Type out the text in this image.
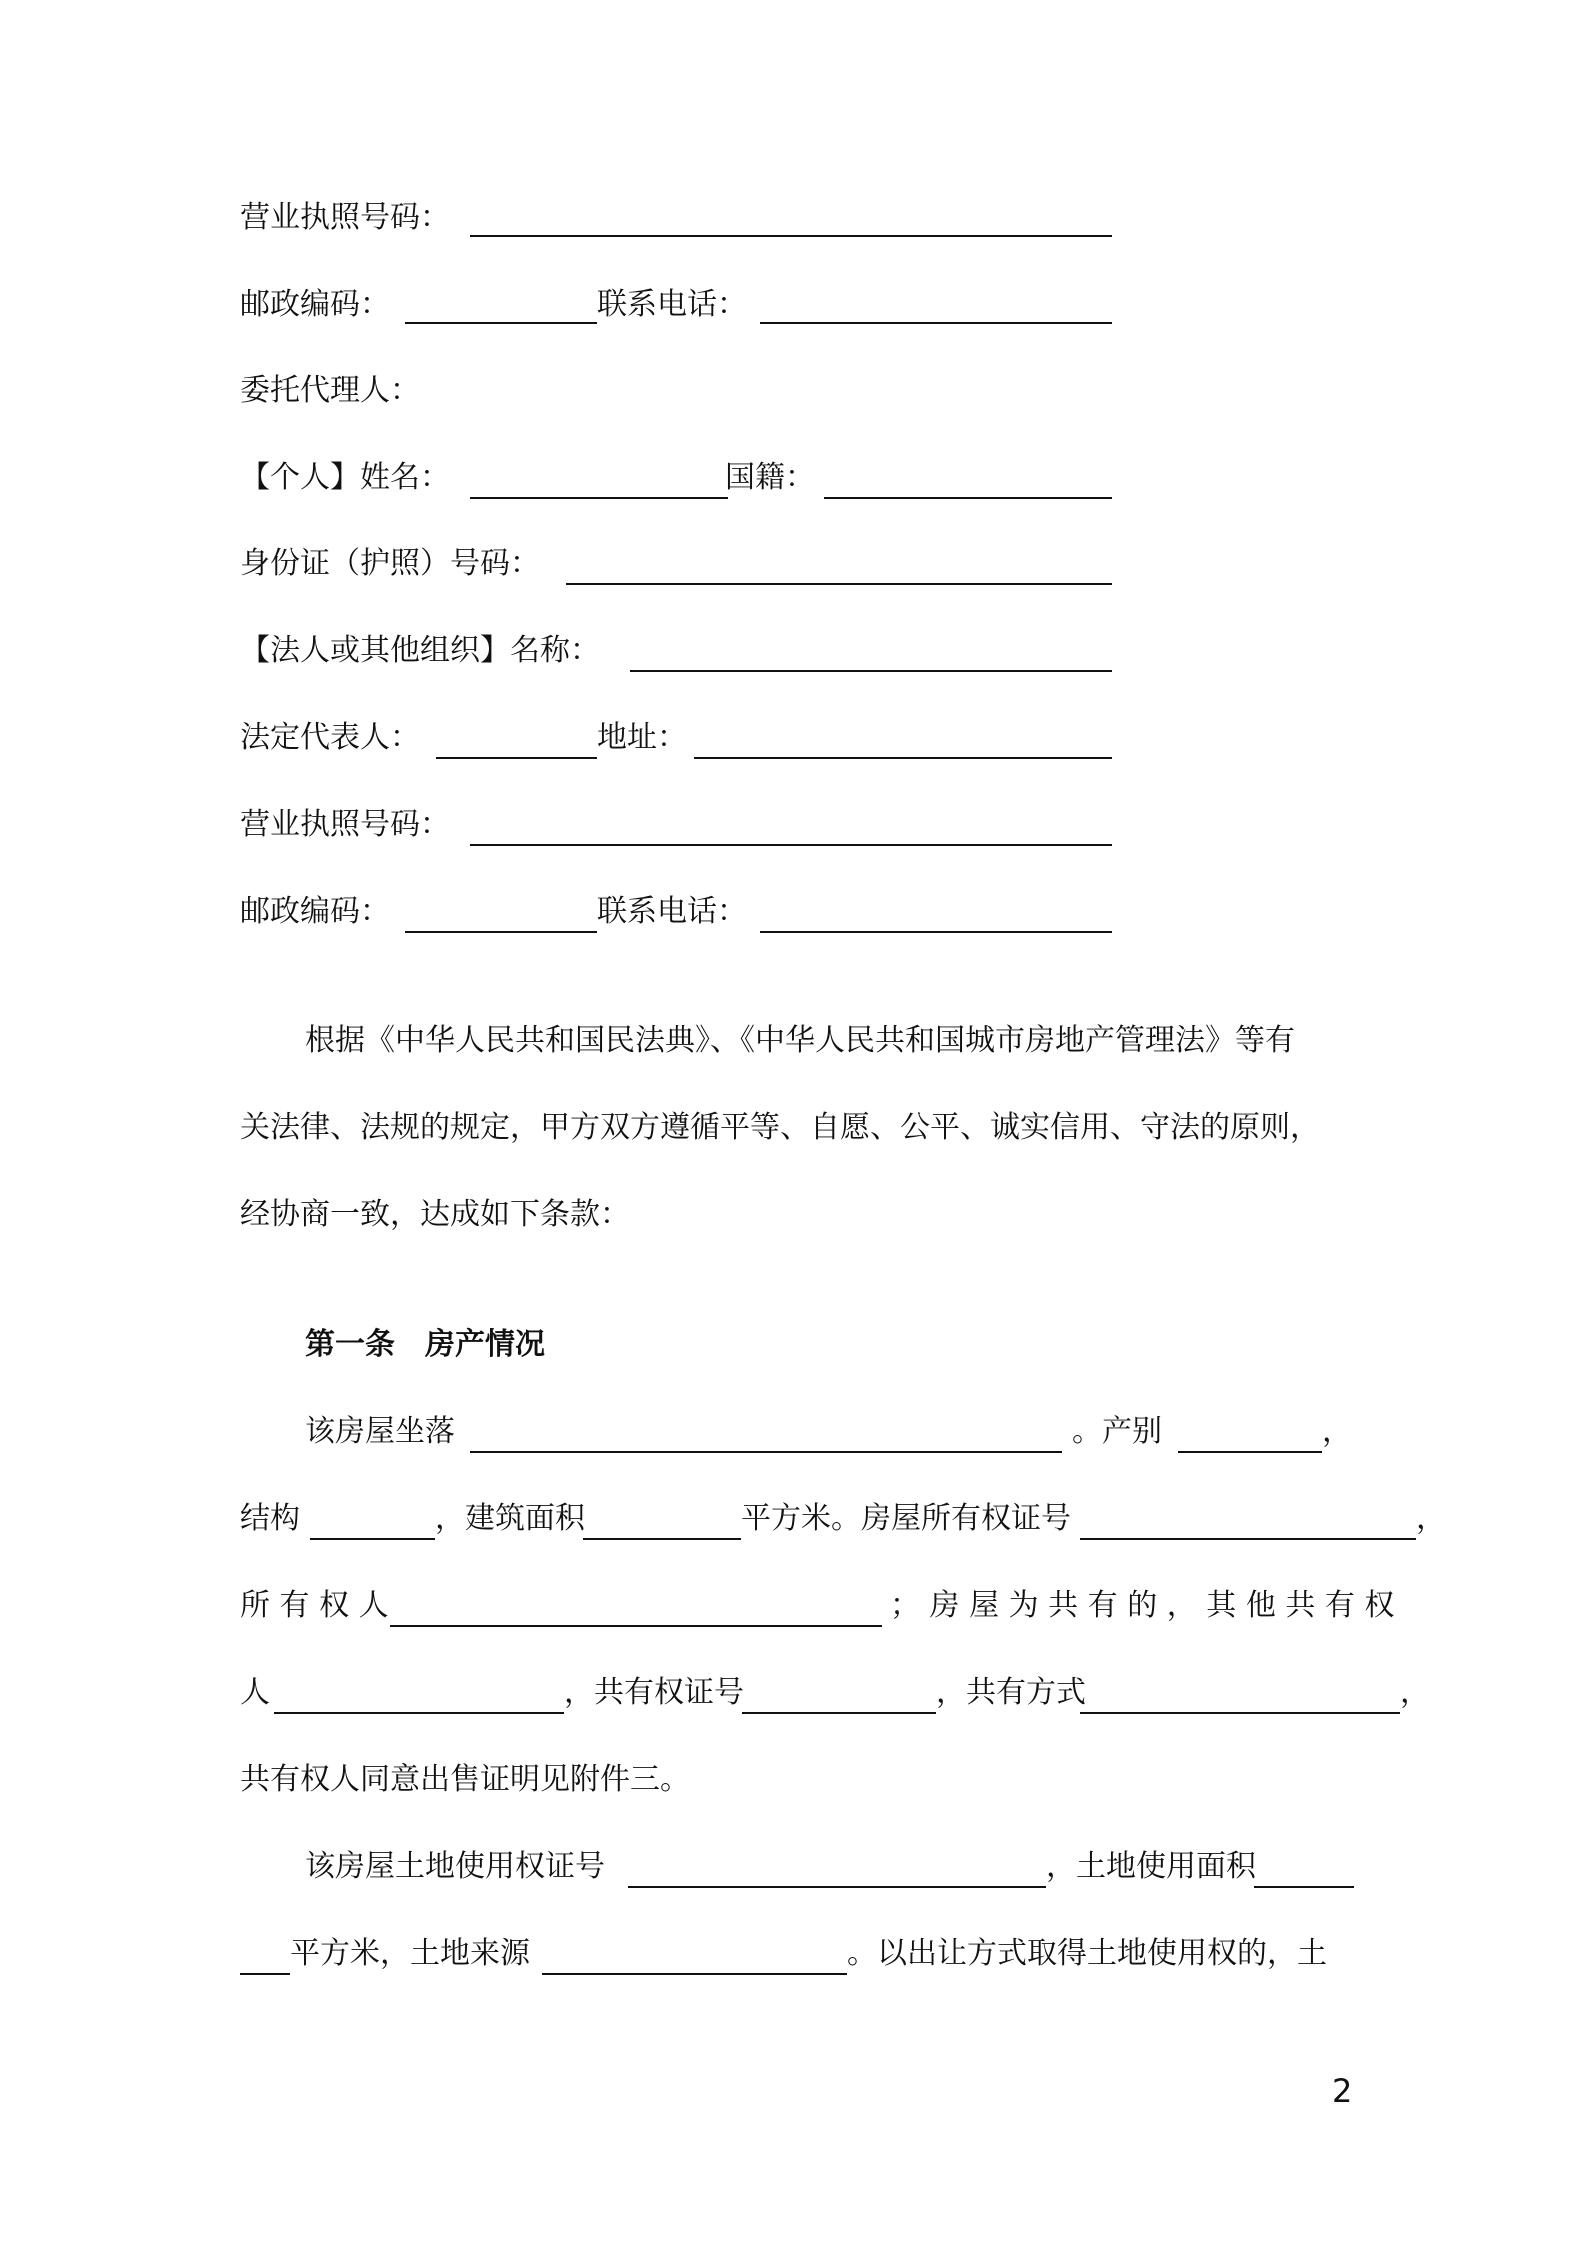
营业执照号码：
邮政编码：	联系电话：
委托代理人：
【个人】姓名：	国籍：
身份证（护照）号码：
【法人或其他组织】名称：
法定代表人：	地址：
营业执照号码：
邮政编码：	联系电话：
根据《中华人民共和国民法典》、《中华人民共和国城市房地产管理法》等有
关法律、法规的规定，甲方双方遵循平等、自愿、公平、诚实信用、守法的原则，
经协商一致，达成如下条款：
第一条　房产情况
该房屋坐落	。产别	，
结构	，建筑面积	平方米。房屋所有权证号	，
所 有 权 人	； 房 屋 为 共 有 的 ， 其 他 共 有 权
人	，共有权证号	，共有方式	，
共有权人同意出售证明见附件三。
该房屋土地使用权证号	，土地使用面积
平方米，土地来源	。以出让方式取得土地使用权的，土
2
